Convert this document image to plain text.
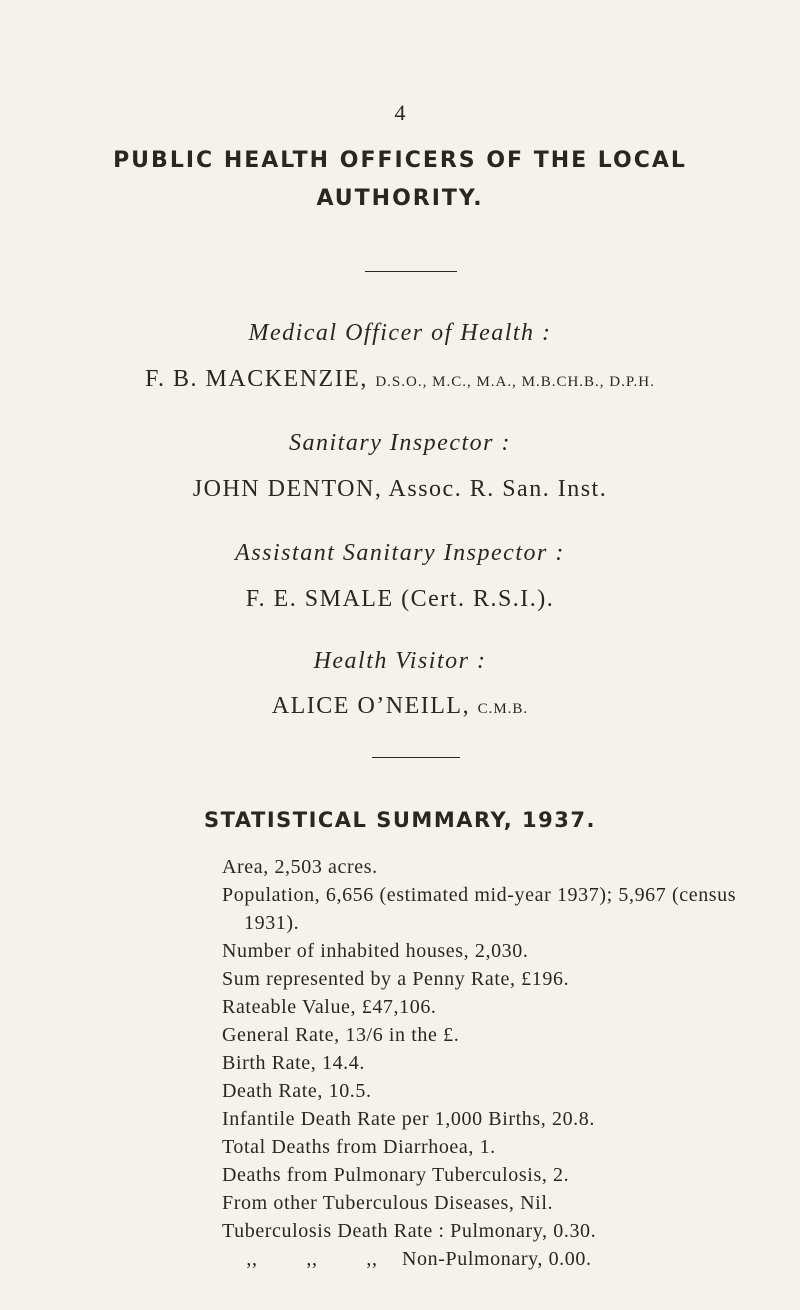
4
PUBLIC HEALTH OFFICERS OF THE LOCAL
AUTHORITY.
Medical Officer of Health :
F. B. MACKENZIE, D.S.O., M.C., M.A., M.B.CH.B., D.P.H.
Sanitary Inspector :
JOHN DENTON, Assoc. R. San. Inst.
Assistant Sanitary Inspector :
F. E. SMALE (Cert. R.S.I.).
Health Visitor :
ALICE O’NEILL, C.M.B.
STATISTICAL SUMMARY, 1937.
Area, 2,503 acres.
Population, 6,656 (estimated mid-year 1937); 5,967 (census
1931).
Number of inhabited houses, 2,030.
Sum represented by a Penny Rate, £196.
Rateable Value, £47,106.
General Rate, 13/6 in the £.
Birth Rate, 14.4.
Death Rate, 10.5.
Infantile Death Rate per 1,000 Births, 20.8.
Total Deaths from Diarrhoea, 1.
Deaths from Pulmonary Tuberculosis, 2.
From other Tuberculous Diseases, Nil.
Tuberculosis Death Rate : Pulmonary, 0.30.
,, ,, ,, Non-Pulmonary, 0.00.
